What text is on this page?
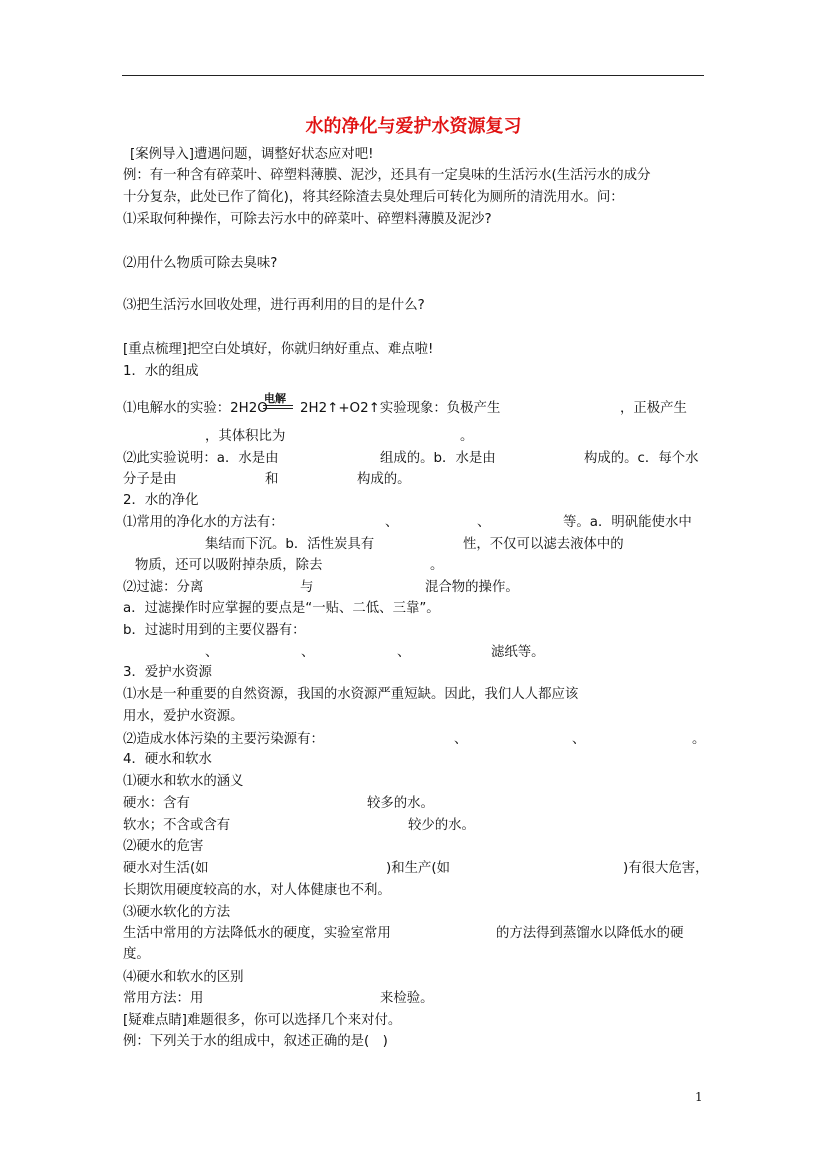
水的净化与爱护水资源复习
[案例导入]遭遇问题，调整好状态应对吧!
例：有一种含有碎菜叶、碎塑料薄膜、泥沙，还具有一定臭味的生活污水(生活污水的成分
十分复杂，此处已作了简化)，将其经除渣去臭处理后可转化为厕所的清洗用水。问：
⑴采取何种操作，可除去污水中的碎菜叶、碎塑料薄膜及泥沙?
⑵用什么物质可除去臭味?
⑶把生活污水回收处理，进行再利用的目的是什么?
[重点梳理]把空白处填好，你就归纳好重点、难点啦!
1．水的组成
⑴电解水的实验：2H2O 2H2↑+O2↑实验现象：负极产生	，正极产生
电解
，其体积比为	。
⑵此实验说明：a．水是由	组成的。b．水是由	构成的。c．每个水
分子是由	和	构成的。
2．水的净化
⑴常用的净化水的方法有：	、	、	等。a．明矾能使水中
集结而下沉。b．活性炭具有	性，不仅可以滤去液体中的
物质，还可以吸附掉杂质，除去	。
⑵过滤：分离	与	混合物的操作。
a．过滤操作时应掌握的要点是“一贴、二低、三靠”。
b．过滤时用到的主要仪器有：
、	、	、	滤纸等。
3．爱护水资源
⑴水是一种重要的自然资源，我国的水资源严重短缺。因此，我们人人都应该
用水，爱护水资源。
⑵造成水体污染的主要污染源有：	、	、	。
4．硬水和软水
⑴硬水和软水的涵义
硬水：含有	较多的水。
软水；不含或含有	较少的水。
⑵硬水的危害
硬水对生活(如	)和生产(如	)有很大危害，
长期饮用硬度较高的水，对人体健康也不利。
⑶硬水软化的方法
生活中常用的方法降低水的硬度，实验室常用	的方法得到蒸馏水以降低水的硬
度。
⑷硬水和软水的区别
常用方法：用	来检验。
[疑难点睛]难题很多，你可以选择几个来对付。
例：下列关于水的组成中，叙述正确的是(　)
1
